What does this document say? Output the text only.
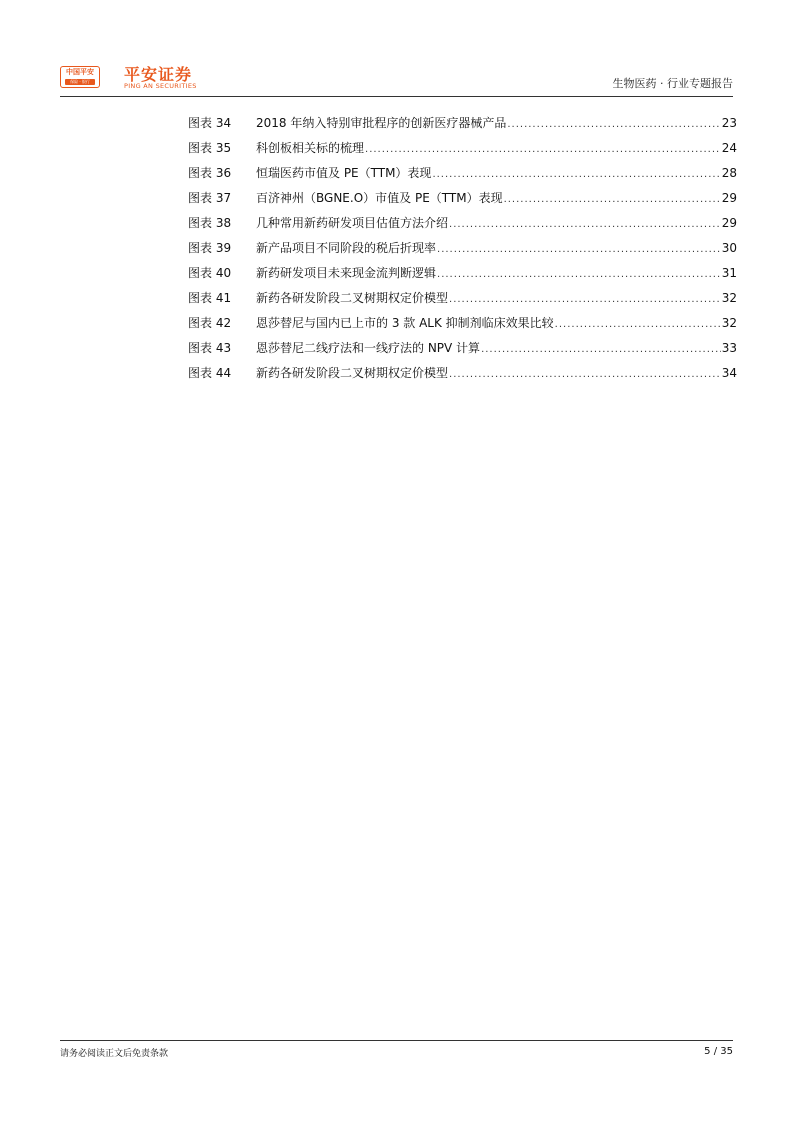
中国平安
保险 · 银行	平安证券
PING AN SECURITIES	生物医药 · 行业专题报告
图表 34	2018 年纳入特别审批程序的创新医疗器械产品 .....	23
图表 35	科创板相关标的梳理 .....	24
图表 36	恒瑞医药市值及 PE（TTM）表现 .....	28
图表 37	百济神州（BGNE.O）市值及 PE（TTM）表现 .....	29
图表 38	几种常用新药研发项目估值方法介绍 .....	29
图表 39	新产品项目不同阶段的税后折现率 .....	30
图表 40	新药研发项目未来现金流判断逻辑 .....	31
图表 41	新药各研发阶段二叉树期权定价模型 .....	32
图表 42	恩莎替尼与国内已上市的 3 款 ALK 抑制剂临床效果比较 .....	32
图表 43	恩莎替尼二线疗法和一线疗法的 NPV 计算 .....	33
图表 44	新药各研发阶段二叉树期权定价模型 .....	34
请务必阅读正文后免责条款	5 / 35
